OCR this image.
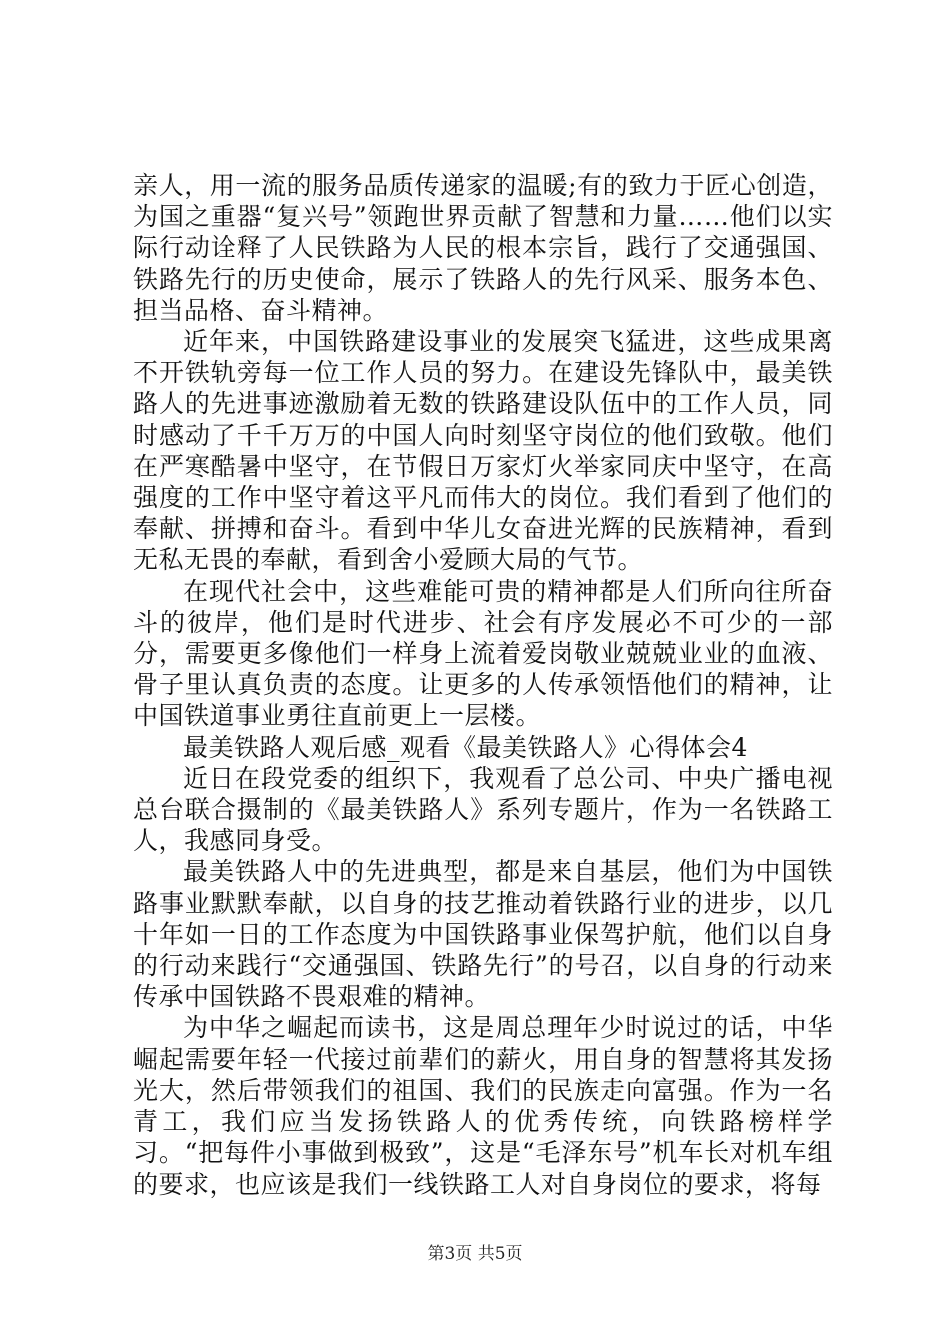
亲人，用一流的服务品质传递家的温暖;有的致力于匠心创造，为国之重器“复兴号”领跑世界贡献了智慧和力量……他们以实际行动诠释了人民铁路为人民的根本宗旨，践行了交通强国、铁路先行的历史使命，展示了铁路人的先行风采、服务本色、担当品格、奋斗精神。

近年来，中国铁路建设事业的发展突飞猛进，这些成果离不开铁轨旁每一位工作人员的努力。在建设先锋队中，最美铁路人的先进事迹激励着无数的铁路建设队伍中的工作人员，同时感动了千千万万的中国人向时刻坚守岗位的他们致敬。他们在严寒酷暑中坚守，在节假日万家灯火举家同庆中坚守，在高强度的工作中坚守着这平凡而伟大的岗位。我们看到了他们的奉献、拼搏和奋斗。看到中华儿女奋进光辉的民族精神，看到无私无畏的奉献，看到舍小爱顾大局的气节。

在现代社会中，这些难能可贵的精神都是人们所向往所奋斗的彼岸，他们是时代进步、社会有序发展必不可少的一部分，需要更多像他们一样身上流着爱岗敬业兢兢业业的血液、骨子里认真负责的态度。让更多的人传承领悟他们的精神，让中国铁道事业勇往直前更上一层楼。

最美铁路人观后感_观看《最美铁路人》心得体会4

近日在段党委的组织下，我观看了总公司、中央广播电视总台联合摄制的《最美铁路人》系列专题片，作为一名铁路工人，我感同身受。

最美铁路人中的先进典型，都是来自基层，他们为中国铁路事业默默奉献，以自身的技艺推动着铁路行业的进步，以几十年如一日的工作态度为中国铁路事业保驾护航，他们以自身的行动来践行“交通强国、铁路先行”的号召，以自身的行动来传承中国铁路不畏艰难的精神。

为中华之崛起而读书，这是周总理年少时说过的话，中华崛起需要年轻一代接过前辈们的薪火，用自身的智慧将其发扬光大，然后带领我们的祖国、我们的民族走向富强。作为一名青工，我们应当发扬铁路人的优秀传统，向铁路榜样学习。“把每件小事做到极致”，这是“毛泽东号”机车长对机车组的要求，也应该是我们一线铁路工人对自身岗位的要求，将每

第3页 共5页
